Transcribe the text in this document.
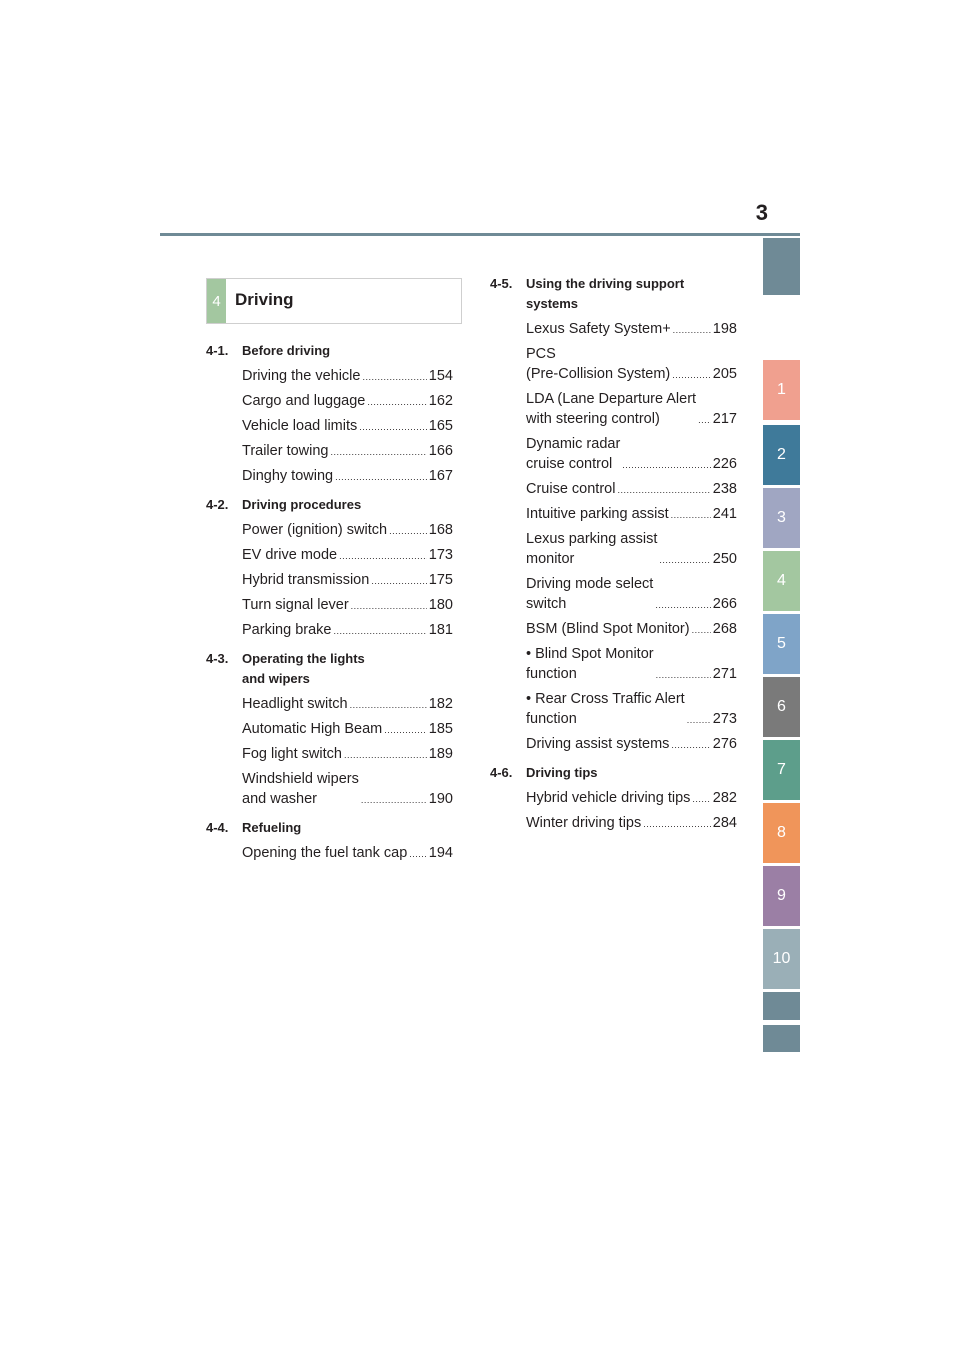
3
1
2
3
4
5
6
7
8
9
10
4 Driving
4-1.	Before driving
Driving the vehicle .....	154
Cargo and luggage .....	162
Vehicle load limits .....	165
Trailer towing .....	166
Dinghy towing .....	167
4-2.	Driving procedures
Power (ignition) switch .....	168
EV drive mode .....	173
Hybrid transmission .....	175
Turn signal lever .....	180
Parking brake .....	181
4-3.	Operating the lights
and wipers
Headlight switch .....	182
Automatic High Beam .....	185
Fog light switch .....	189
Windshield wipers
and washer .....	190
4-4.	Refueling
Opening the fuel tank cap ..... 194
4-5.	Using the driving support
systems
Lexus Safety System+ .....	198
PCS
(Pre-Collision System) .....	205
LDA (Lane Departure Alert
with steering control) .....	217
Dynamic radar
cruise control .....	226
Cruise control .....	238
Intuitive parking assist .....	241
Lexus parking assist
monitor .....	250
Driving mode select
switch .....	266
BSM (Blind Spot Monitor) ..... 268
• Blind Spot Monitor
function .....	271
• Rear Cross Traffic Alert
function .....	273
Driving assist systems .....	276
4-6.	Driving tips
Hybrid vehicle driving tips ..... 282
Winter driving tips .....	284
